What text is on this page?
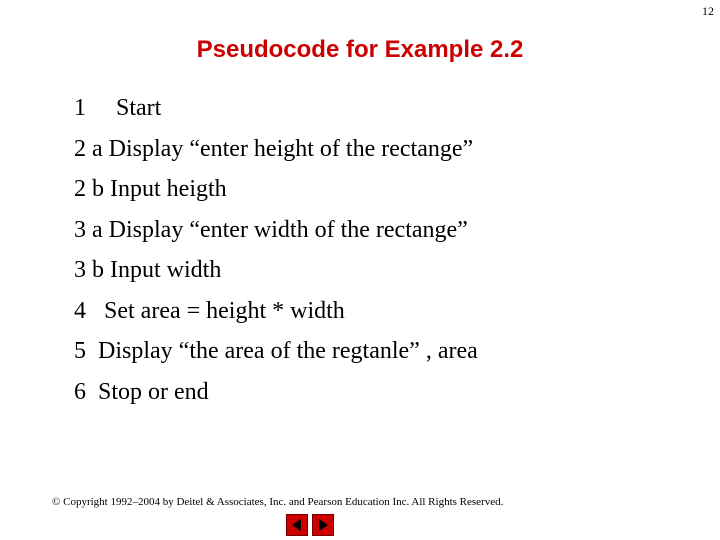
12
Pseudocode for Example 2.2
1     Start
2 a Display “enter height of the rectange”
2 b Input heigth
3 a Display “enter width of the rectange”
3 b Input width
4   Set area = height * width
5  Display “the area of the regtanle” , area
6  Stop or end
© Copyright 1992–2004 by Deitel & Associates, Inc. and Pearson Education Inc. All Rights Reserved.
